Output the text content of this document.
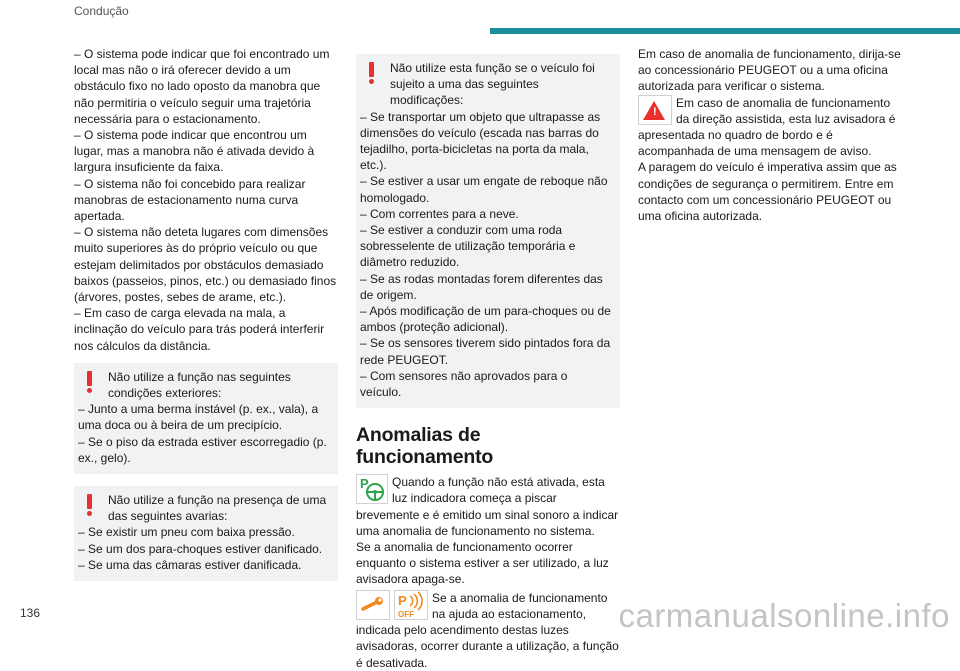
Condução

– O sistema pode indicar que foi encontrado um local mas não o irá oferecer devido a um obstáculo fixo no lado oposto da manobra que não permitiria o veículo seguir uma trajetória necessária para o estacionamento.

– O sistema pode indicar que encontrou um lugar, mas a manobra não é ativada devido à largura insuficiente da faixa.

– O sistema não foi concebido para realizar manobras de estacionamento numa curva apertada.

– O sistema não deteta lugares com dimensões muito superiores às do próprio veículo ou que estejam delimitados por obstáculos demasiado baixos (passeios, pinos, etc.) ou demasiado finos (árvores, postes, sebes de arame, etc.).

– Em caso de carga elevada na mala, a inclinação do veículo para trás poderá interferir nos cálculos da distância.

Não utilize a função nas seguintes condições exteriores:

– Junto a uma berma instável (p. ex., vala), a uma doca ou à beira de um precipício.

– Se o piso da estrada estiver escorregadio (p. ex., gelo).

Não utilize a função na presença de uma das seguintes avarias:

– Se existir um pneu com baixa pressão.

– Se um dos para-choques estiver danificado.

– Se uma das câmaras estiver danificada.

Não utilize esta função se o veículo foi sujeito a uma das seguintes modificações:

– Se transportar um objeto que ultrapasse as dimensões do veículo (escada nas barras do tejadilho, porta-bicicletas na porta da mala, etc.).

– Se estiver a usar um engate de reboque não homologado.

– Com correntes para a neve.

– Se estiver a conduzir com uma roda sobresselente de utilização temporária e diâmetro reduzido.

– Se as rodas montadas forem diferentes das de origem.

– Após modificação de um para-choques ou de ambos (proteção adicional).

– Se os sensores tiverem sido pintados fora da rede PEUGEOT.

– Com sensores não aprovados para o veículo.

Anomalias de funcionamento
P	Quando a função não está ativada, esta luz indicadora começa a piscar brevemente e é emitido um sinal sonoro a indicar uma anomalia de funcionamento no sistema.

Se a anomalia de funcionamento ocorrer enquanto o sistema estiver a ser utilizado, a luz avisadora apaga-se.

P
OFF

Se a anomalia de funcionamento na ajuda ao estacionamento, indicada pelo acendimento destas luzes avisadoras, ocorrer durante a utilização, a função é desativada.

Em caso de anomalia de funcionamento, dirija-se ao concessionário PEUGEOT ou a uma oficina autorizada para verificar o sistema.

!

Em caso de anomalia de funcionamento da direção assistida, esta luz avisadora é apresentada no quadro de bordo e é acompanhada de uma mensagem de aviso.

A paragem do veículo é imperativa assim que as condições de segurança o permitirem. Entre em contacto com um concessionário PEUGEOT ou uma oficina autorizada.

136	carmanualsonline.info
